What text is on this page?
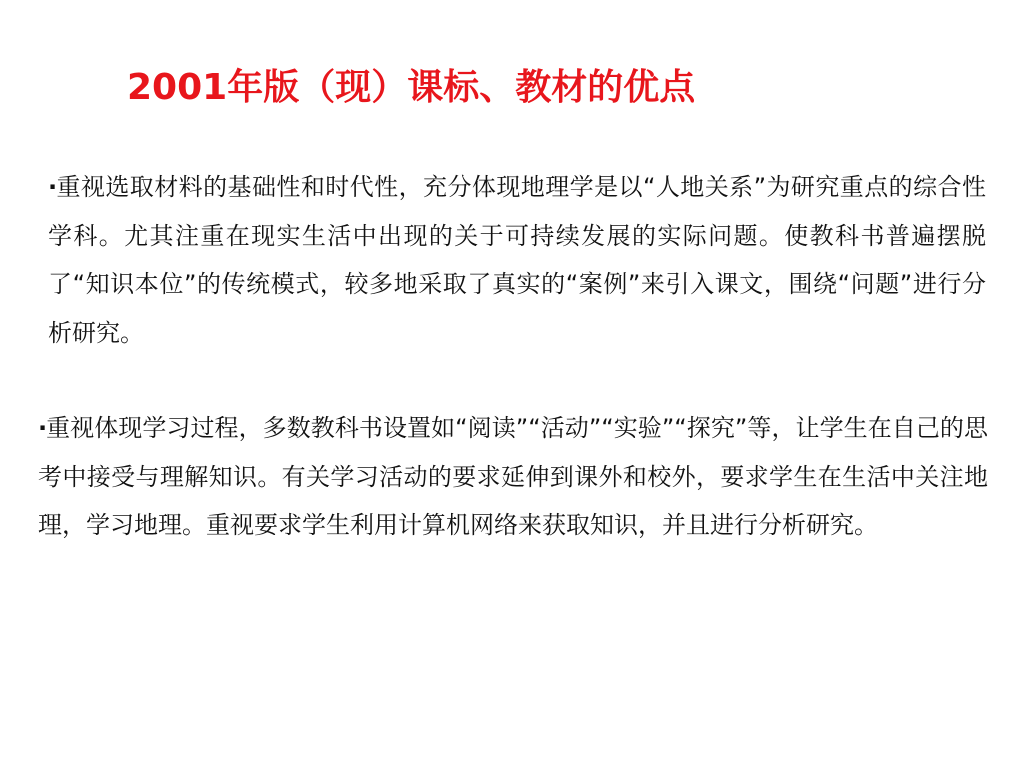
2001年版（现）课标、教材的优点

·重视选取材料的基础性和时代性，充分体现地理学是以“人地关系”为研究重点的综合性学科。尤其注重在现实生活中出现的关于可持续发展的实际问题。使教科书普遍摆脱了“知识本位”的传统模式，较多地采取了真实的“案例”来引入课文，围绕“问题”进行分析研究。

·重视体现学习过程，多数教科书设置如“阅读”“活动”“实验”“探究”等，让学生在自己的思考中接受与理解知识。有关学习活动的要求延伸到课外和校外，要求学生在生活中关注地理，学习地理。重视要求学生利用计算机网络来获取知识，并且进行分析研究。
